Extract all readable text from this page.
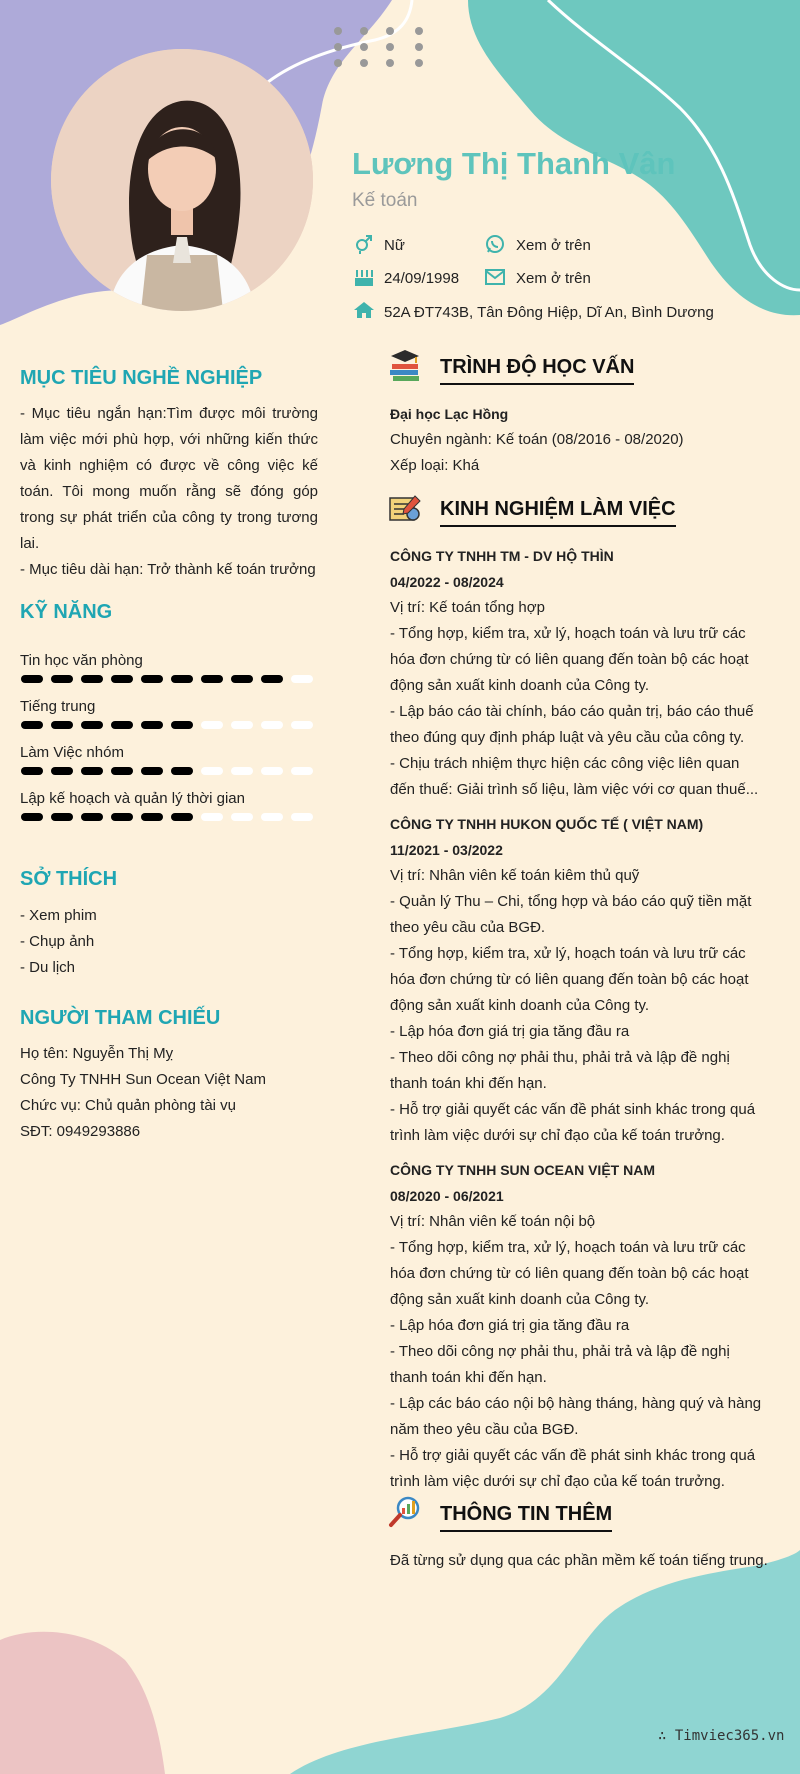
Lương Thị Thanh Vân
Kế toán
Nữ	Xem ở trên
24/09/1998	Xem ở trên
52A ĐT743B, Tân Đông Hiệp, Dĩ An, Bình Dương
MỤC TIÊU NGHỀ NGHIỆP

- Mục tiêu ngắn hạn:Tìm được môi trường làm việc mới phù hợp, với những kiến thức và kinh nghiệm có được về công việc kế toán. Tôi mong muốn rằng sẽ đóng góp trong sự phát triển của công ty trong tương lai.

- Mục tiêu dài hạn: Trở thành kế toán trưởng

KỸ NĂNG
Tin học văn phòng
Tiếng trung
Làm Việc nhóm
Lập kế hoạch và quản lý thời gian
SỞ THÍCH

- Xem phim

- Chụp ảnh

- Du lịch

NGƯỜI THAM CHIẾU

Họ tên: Nguyễn Thị Mỵ

Công Ty TNHH Sun Ocean Việt Nam

Chức vụ: Chủ quản phòng tài vụ

SĐT: 0949293886

TRÌNH ĐỘ HỌC VẤN

Đại học Lạc Hồng

Chuyên ngành: Kế toán (08/2016 - 08/2020)

Xếp loại: Khá

KINH NGHIỆM LÀM VIỆC

CÔNG TY TNHH TM - DV HỘ THÌN

04/2022 - 08/2024

Vị trí: Kế toán tổng hợp

- Tổng hợp, kiểm tra, xử lý, hoạch toán và lưu trữ các hóa đơn chứng từ có liên quang đến toàn bộ các hoạt động sản xuất kinh doanh của Công ty.

- Lập báo cáo tài chính, báo cáo quản trị, báo cáo thuế theo đúng quy định pháp luật và yêu cầu của công ty.

- Chịu trách nhiệm thực hiện các công việc liên quan đến thuế: Giải trình số liệu, làm việc với cơ quan thuế...

CÔNG TY TNHH HUKON QUỐC TẾ ( VIỆT NAM)

11/2021 - 03/2022

Vị trí: Nhân viên kế toán kiêm thủ quỹ

- Quản lý Thu – Chi, tổng hợp và báo cáo quỹ tiền mặt theo yêu cầu của BGĐ.

- Tổng hợp, kiểm tra, xử lý, hoạch toán và lưu trữ các hóa đơn chứng từ có liên quang đến toàn bộ các hoạt động sản xuất kinh doanh của Công ty.

- Lập hóa đơn giá trị gia tăng đầu ra

- Theo dõi công nợ phải thu, phải trả và lập đề nghị thanh toán khi đến hạn.

- Hỗ trợ giải quyết các vấn đề phát sinh khác trong quá trình làm việc dưới sự chỉ đạo của kế toán trưởng.

CÔNG TY TNHH SUN OCEAN VIỆT NAM

08/2020 - 06/2021

Vị trí: Nhân viên kế toán nội bộ

- Tổng hợp, kiểm tra, xử lý, hoạch toán và lưu trữ các hóa đơn chứng từ có liên quang đến toàn bộ các hoạt động sản xuất kinh doanh của Công ty.

- Lập hóa đơn giá trị gia tăng đầu ra

- Theo dõi công nợ phải thu, phải trả và lập đề nghị thanh toán khi đến hạn.

- Lập các báo cáo nội bộ hàng tháng, hàng quý và hàng năm theo yêu cầu của BGĐ.

- Hỗ trợ giải quyết các vấn đề phát sinh khác trong quá trình làm việc dưới sự chỉ đạo của kế toán trưởng.

THÔNG TIN THÊM
Đã từng sử dụng qua các phần mềm kế toán tiếng trung.
∴ Timviec365.vn
